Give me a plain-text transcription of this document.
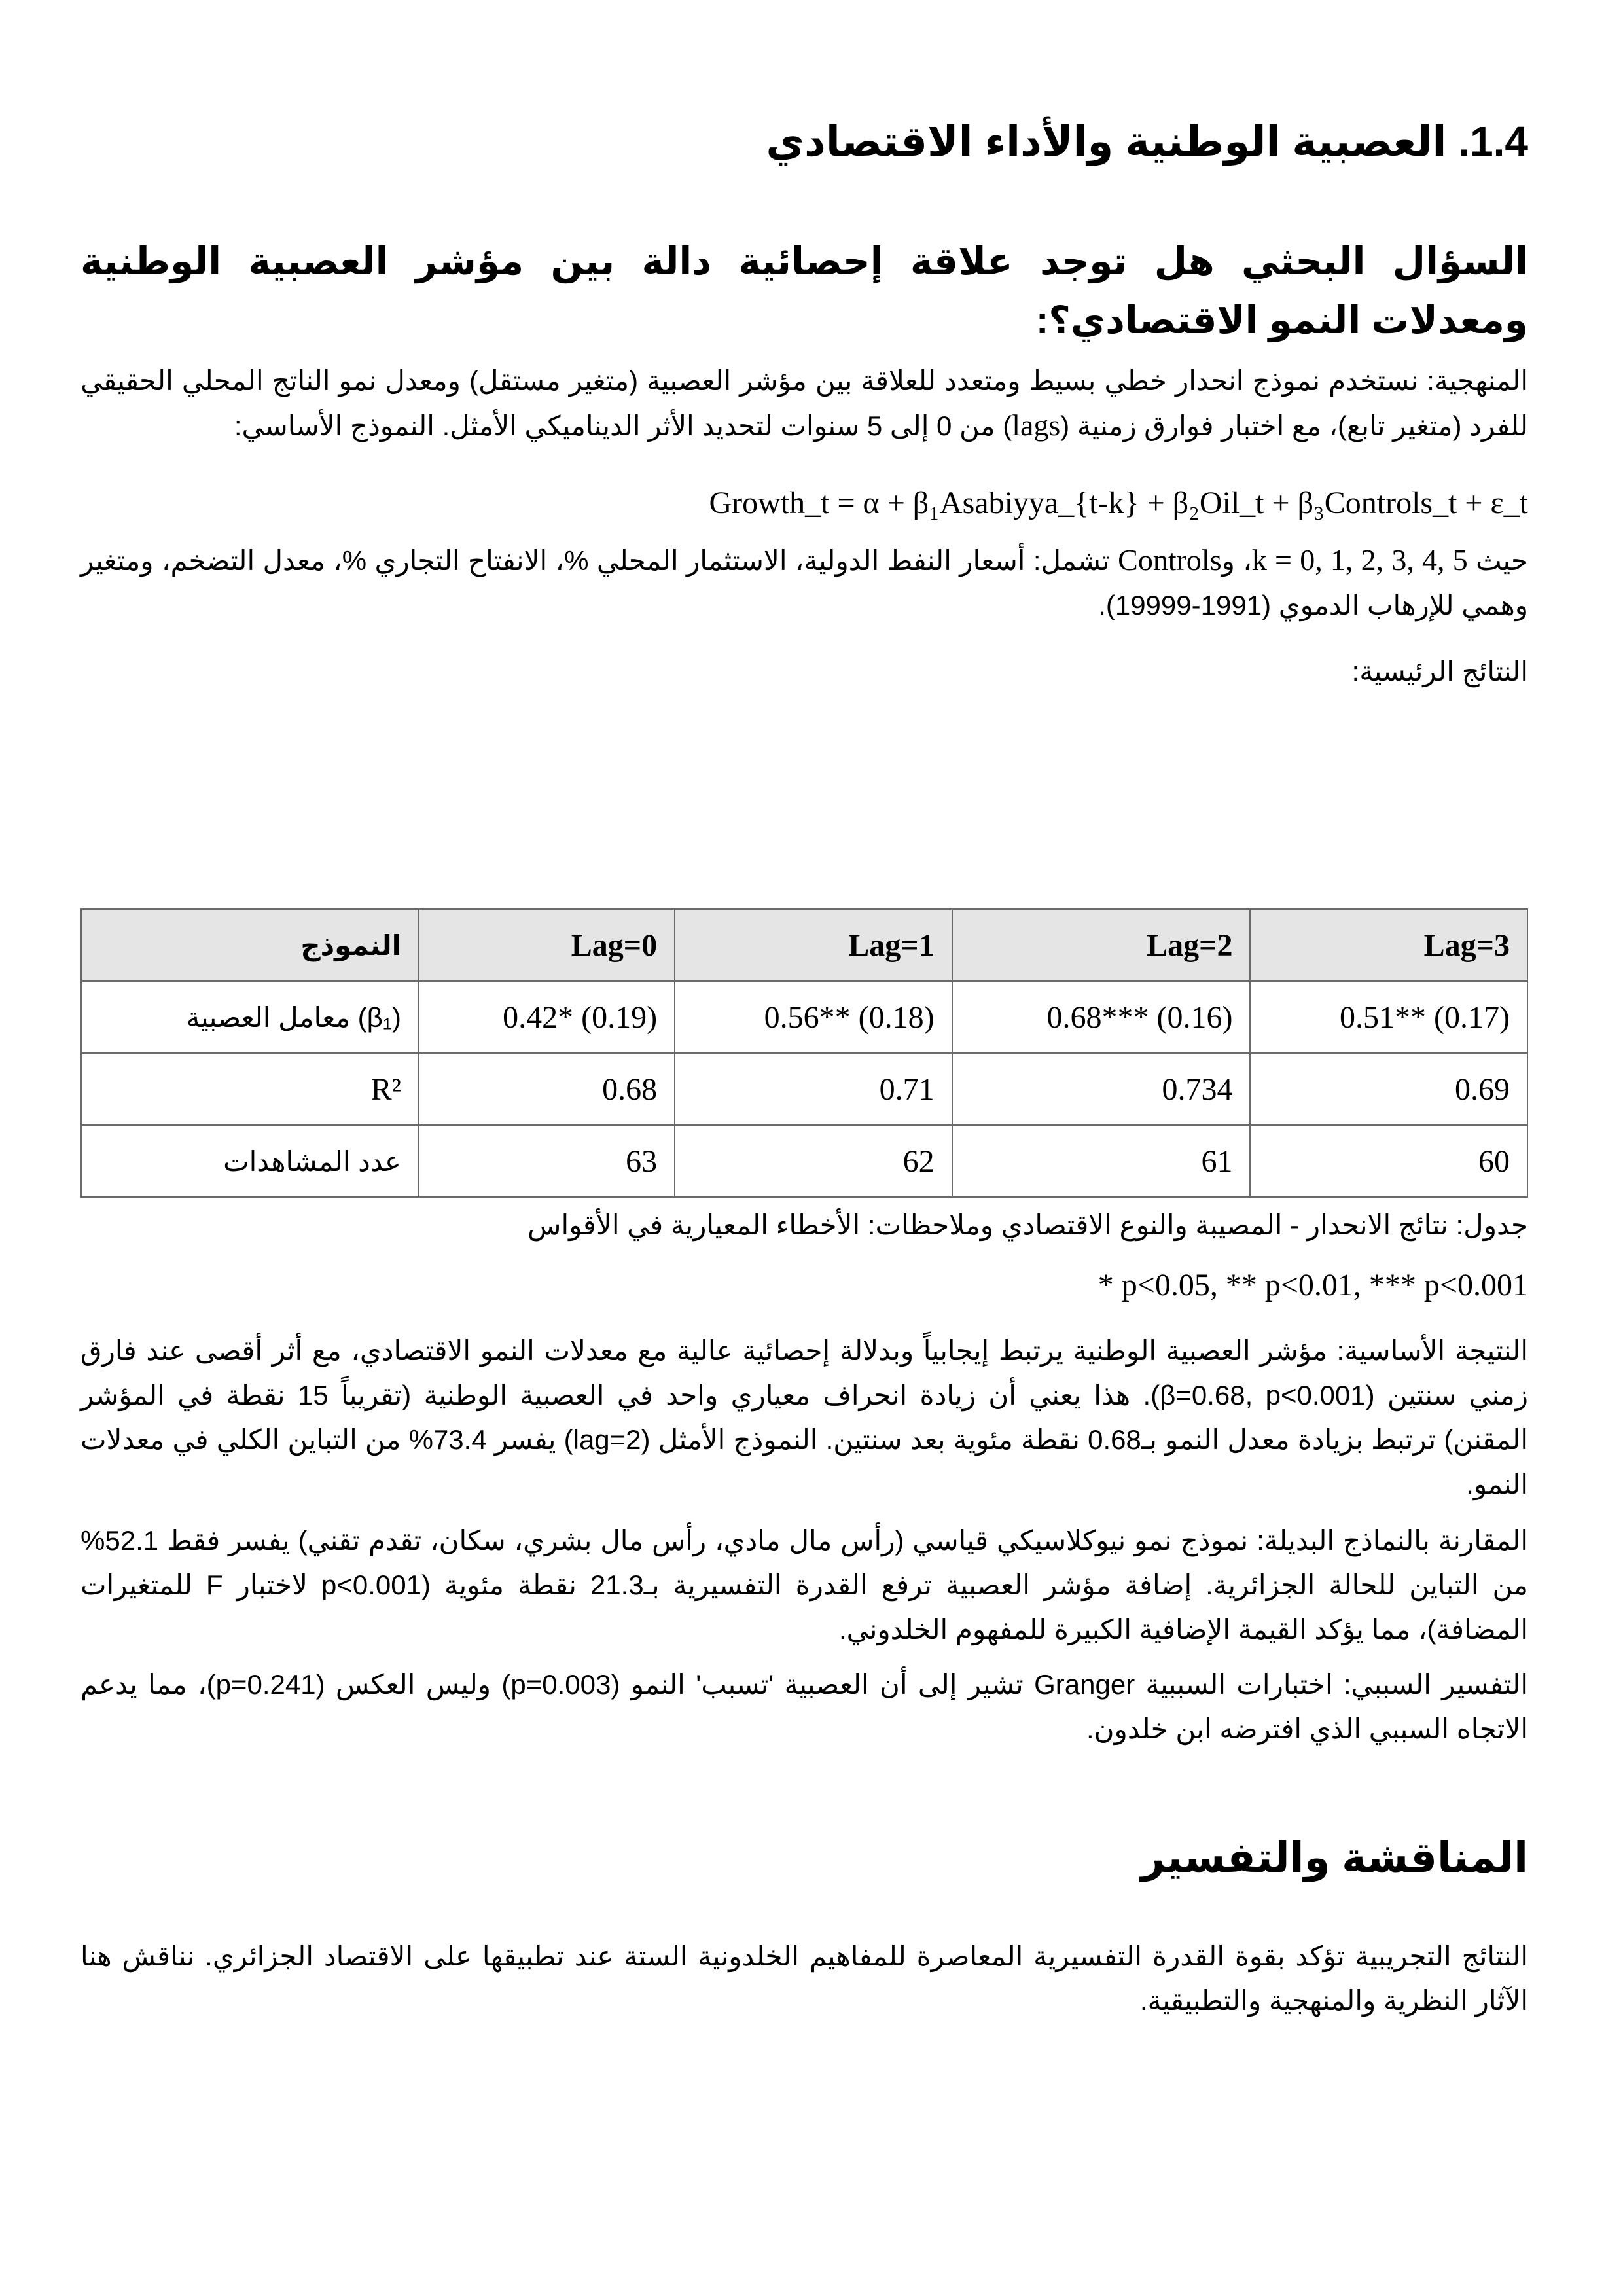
1.4. العصبية الوطنية والأداء الاقتصادي
السؤال البحثي هل توجد علاقة إحصائية دالة بين مؤشر العصبية الوطنية ومعدلات النمو الاقتصادي؟:
المنهجية: نستخدم نموذج انحدار خطي بسيط ومتعدد للعلاقة بين مؤشر العصبية (متغير مستقل) ومعدل نمو الناتج المحلي الحقيقي للفرد (متغير تابع)، مع اختبار فوارق زمنية (lags) من 0 إلى 5 سنوات لتحديد الأثر الديناميكي الأمثل. النموذج الأساسي:
Growth_t = α + β₁Asabiyya_{t-k} + β₂Oil_t + β₃Controls_t + ε_t
حيث k = 0, 1, 2, 3, 4, 5، وControls تشمل: أسعار النفط الدولية، الاستثمار المحلي %، الانفتاح التجاري %، معدل التضخم، ومتغير وهمي للإرهاب الدموي (1991-19999).
النتائج الرئيسية:
النموذج	Lag=0	Lag=1	Lag=2	Lag=3
معامل العصبية (β₁)	0.42* (0.19)	0.56** (0.18)	0.68*** (0.16)	0.51** (0.17)
R²	0.68	0.71	0.734	0.69
عدد المشاهدات	63	62	61	60
جدول: نتائج الانحدار - المصيبة والنوع الاقتصادي وملاحظات: الأخطاء المعيارية في الأقواس
* p<0.05, ** p<0.01, *** p<0.001
النتيجة الأساسية: مؤشر العصبية الوطنية يرتبط إيجابياً وبدلالة إحصائية عالية مع معدلات النمو الاقتصادي، مع أثر أقصى عند فارق زمني سنتين (β=0.68, p<0.001). هذا يعني أن زيادة انحراف معياري واحد في العصبية الوطنية (تقريباً 15 نقطة في المؤشر المقنن) ترتبط بزيادة معدل النمو بـ0.68 نقطة مئوية بعد سنتين. النموذج الأمثل (lag=2) يفسر 73.4% من التباين الكلي في معدلات النمو.
المقارنة بالنماذج البديلة: نموذج نمو نيوكلاسيكي قياسي (رأس مال مادي، رأس مال بشري، سكان، تقدم تقني) يفسر فقط 52.1% من التباين للحالة الجزائرية. إضافة مؤشر العصبية ترفع القدرة التفسيرية بـ21.3 نقطة مئوية (p<0.001 لاختبار F للمتغيرات المضافة)، مما يؤكد القيمة الإضافية الكبيرة للمفهوم الخلدوني.
التفسير السببي: اختبارات السببية Granger تشير إلى أن العصبية 'تسبب' النمو (p=0.003) وليس العكس (p=0.241)، مما يدعم الاتجاه السببي الذي افترضه ابن خلدون.
المناقشة والتفسير
النتائج التجريبية تؤكد بقوة القدرة التفسيرية المعاصرة للمفاهيم الخلدونية الستة عند تطبيقها على الاقتصاد الجزائري. نناقش هنا الآثار النظرية والمنهجية والتطبيقية.
